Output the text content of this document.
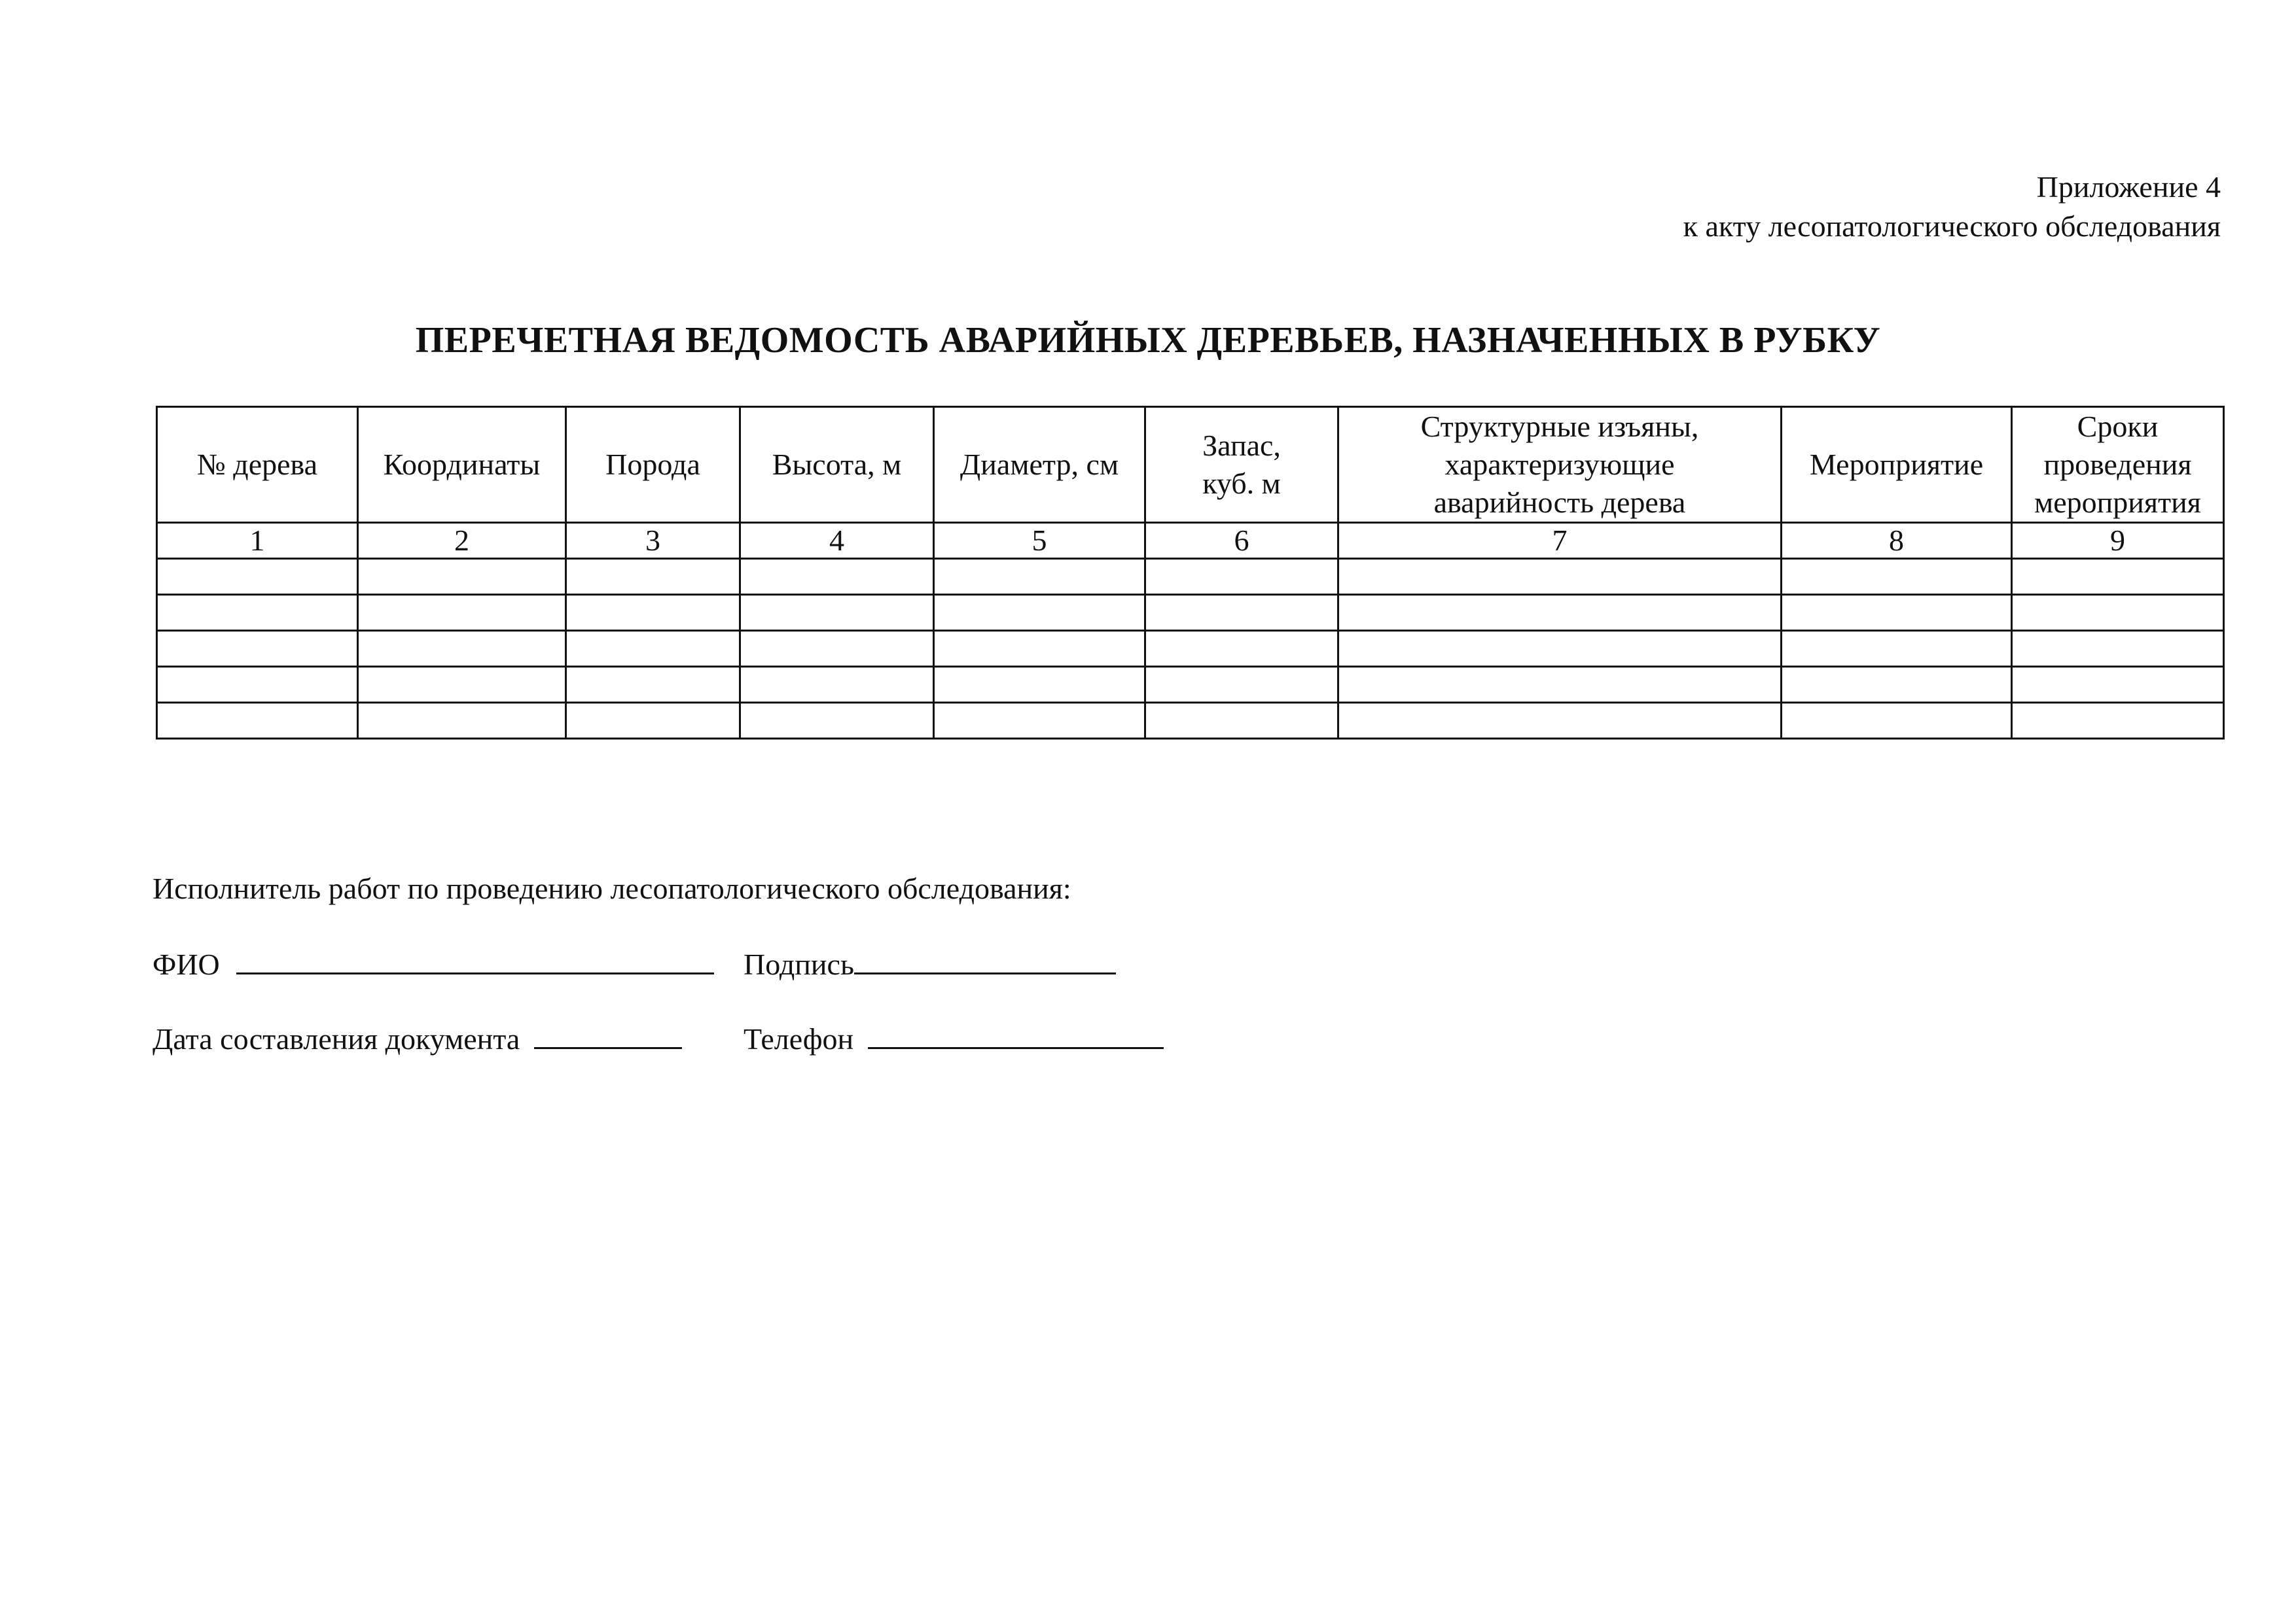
Приложение 4
к акту лесопатологического обследования
ПЕРЕЧЕТНАЯ ВЕДОМОСТЬ АВАРИЙНЫХ ДЕРЕВЬЕВ, НАЗНАЧЕННЫХ В РУБКУ
№ дерева	Координаты	Порода	Высота, м	Диаметр, см	Запас, куб. м	Структурные изъяны, характеризующие аварийность дерева	Мероприятие	Сроки проведения мероприятия
1	2	3	4	5	6	7	8	9

Исполнитель работ по проведению лесопатологического обследования:
ФИО	Подпись
Дата составления документа	Телефон
